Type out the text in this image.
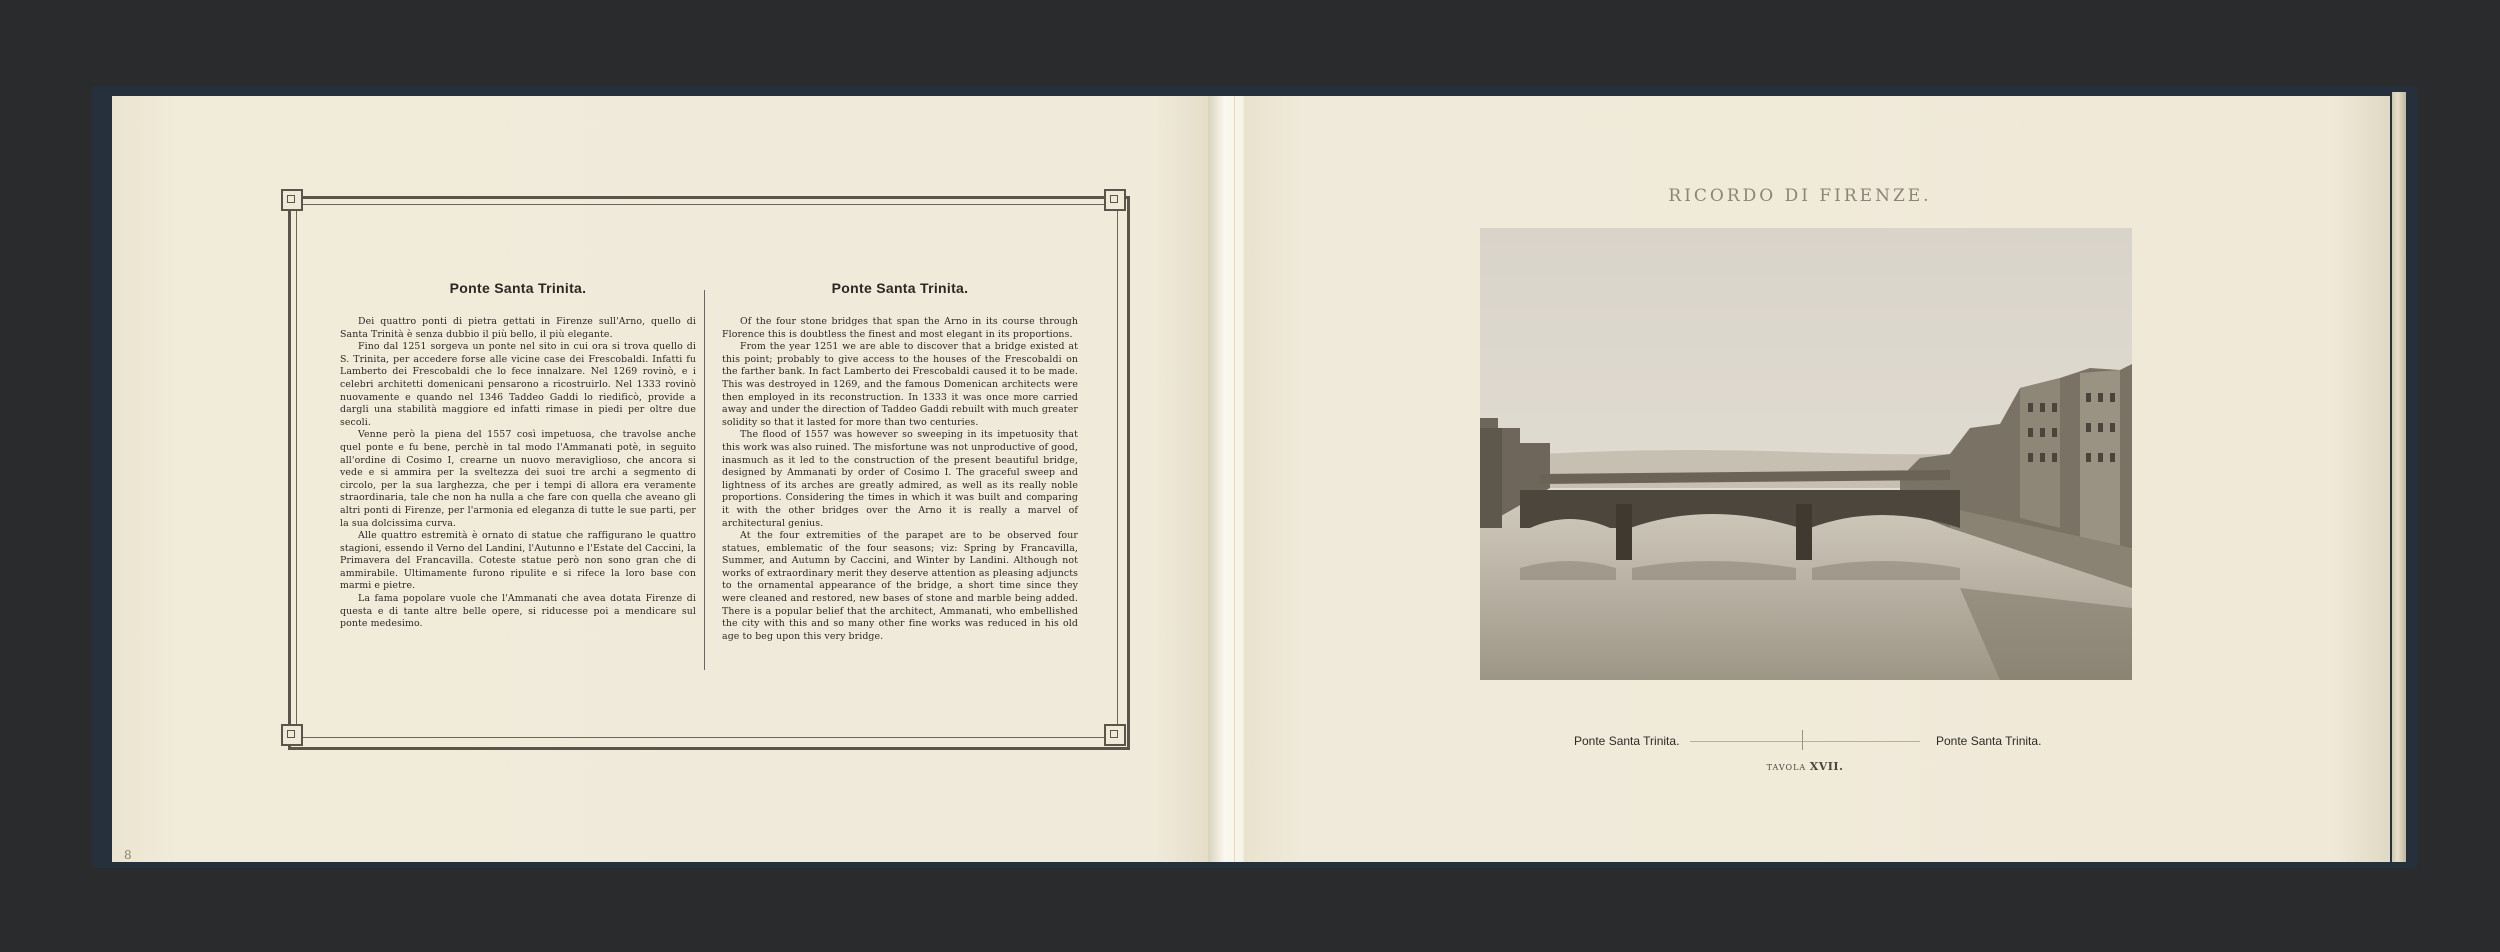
Ponte Santa Trinita.

Dei quattro ponti di pietra gettati in Firenze sull'Arno, quello di Santa Trinità è senza dubbio il più bello, il più elegante.

Fino dal 1251 sorgeva un ponte nel sito in cui ora si trova quello di S. Trinita, per accedere forse alle vicine case dei Frescobaldi. Infatti fu Lamberto dei Frescobaldi che lo fece innalzare. Nel 1269 rovinò, e i celebri architetti domenicani pensarono a ricostruirlo. Nel 1333 rovinò nuovamente e quando nel 1346 Taddeo Gaddi lo riedificò, provide a dargli una stabilità maggiore ed infatti rimase in piedi per oltre due secoli.

Venne però la piena del 1557 così impetuosa, che travolse anche quel ponte e fu bene, perchè in tal modo l'Ammanati potè, in seguito all'ordine di Cosimo I, crearne un nuovo meraviglioso, che ancora si vede e si ammira per la sveltezza dei suoi tre archi a segmento di circolo, per la sua larghezza, che per i tempi di allora era veramente straordinaria, tale che non ha nulla a che fare con quella che aveano gli altri ponti di Firenze, per l'armonia ed eleganza di tutte le sue parti, per la sua dolcissima curva.

Alle quattro estremità è ornato di statue che raffigurano le quattro stagioni, essendo il Verno del Landini, l'Autunno e l'Estate del Caccini, la Primavera del Francavilla. Coteste statue però non sono gran che di ammirabile. Ultimamente furono ripulite e si rifece la loro base con marmi e pietre.

La fama popolare vuole che l'Ammanati che avea dotata Firenze di questa e di tante altre belle opere, si riducesse poi a mendicare sul ponte medesimo.

Ponte Santa Trinita.

Of the four stone bridges that span the Arno in its course through Florence this is doubtless the finest and most elegant in its proportions.

From the year 1251 we are able to discover that a bridge existed at this point; probably to give access to the houses of the Frescobaldi on the farther bank. In fact Lamberto dei Frescobaldi caused it to be made. This was destroyed in 1269, and the famous Domenican architects were then employed in its reconstruction. In 1333 it was once more carried away and under the direction of Taddeo Gaddi rebuilt with much greater solidity so that it lasted for more than two centuries.

The flood of 1557 was however so sweeping in its impetuosity that this work was also ruined. The misfortune was not unproductive of good, inasmuch as it led to the construction of the present beautiful bridge, designed by Ammanati by order of Cosimo I. The graceful sweep and lightness of its arches are greatly admired, as well as its really noble proportions. Considering the times in which it was built and comparing it with the other bridges over the Arno it is really a marvel of architectural genius.

At the four extremities of the parapet are to be observed four statues, emblematic of the four seasons; viz: Spring by Francavilla, Summer, and Autumn by Caccini, and Winter by Landini. Although not works of extraordinary merit they deserve attention as pleasing adjuncts to the ornamental appearance of the bridge, a short time since they were cleaned and restored, new bases of stone and marble being added. There is a popular belief that the architect, Ammanati, who embellished the city with this and so many other fine works was reduced in his old age to beg upon this very bridge.

8
RICORDO DI FIRENZE.
Ponte Santa Trinita.	Ponte Santa Trinita.
TAVOLA XVII.
